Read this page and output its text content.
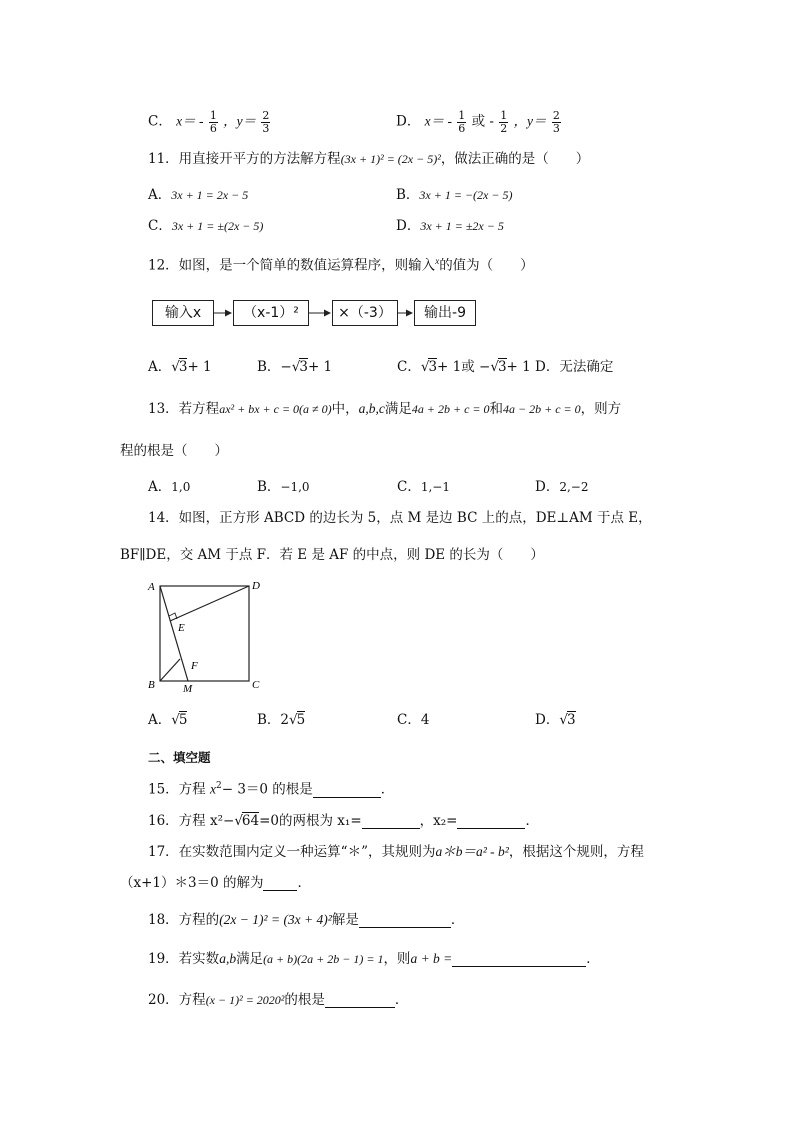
C． $x= - \frac{1}{6}$ ，$y= \frac{2}{3}$	D． $x= - \frac{1}{6}$ 或 - $\frac{1}{2}$ ，$y= \frac{2}{3}$
11．用直接开平方的方法解方程(3x + 1)² = (2x − 5)²，做法正确的是（　　）
A．3x + 1 = 2x − 5	B．3x + 1 = −(2x − 5)
C．3x + 1 = ±(2x − 5)	D．3x + 1 = ±2x − 5
12．如图，是一个简单的数值运算程序，则输入$^x$的值为（　　）
输入x	（x-1）²	×（-3）	输出-9
A．√3+ 1	B．−√3+ 1	C．√3+ 1或 −√3+ 1 D．无法确定
13．若方程ax² + bx + c = 0(a ≠ 0)中，a,b,c满足4a + 2b + c = 0和4a − 2b + c = 0，则方
程的根是（　　）
A．1,0	B．−1,0	C．1,−1	D．2,−2
14．如图，正方形 ABCD 的边长为 5，点 M 是边 BC 上的点，DE⊥AM 于点 E，
BF∥DE，交 AM 于点 F．若 E 是 AF 的中点，则 DE 的长为（　　）
A	D
B	C
E
F
M
A．√5	B．2√5	C．4	D．√3
二、填空题
15．方程 $x^2- 3=0$ 的根是	．
16．方程 x²−√64=0的两根为 x₁=	，x₂=	．
17．在实数范围内定义一种运算“＊”，其规则为a＊b＝a² - b²，根据这个规则，方程
（x+1）＊3＝0 的解为	．
18．方程的(2x − 1)² = (3x + 4)²解是	．
19．若实数a,b满足(a + b)(2a + 2b − 1) = 1，则a + b =	．
20．方程(x − 1)² = 2020²的根是	．
